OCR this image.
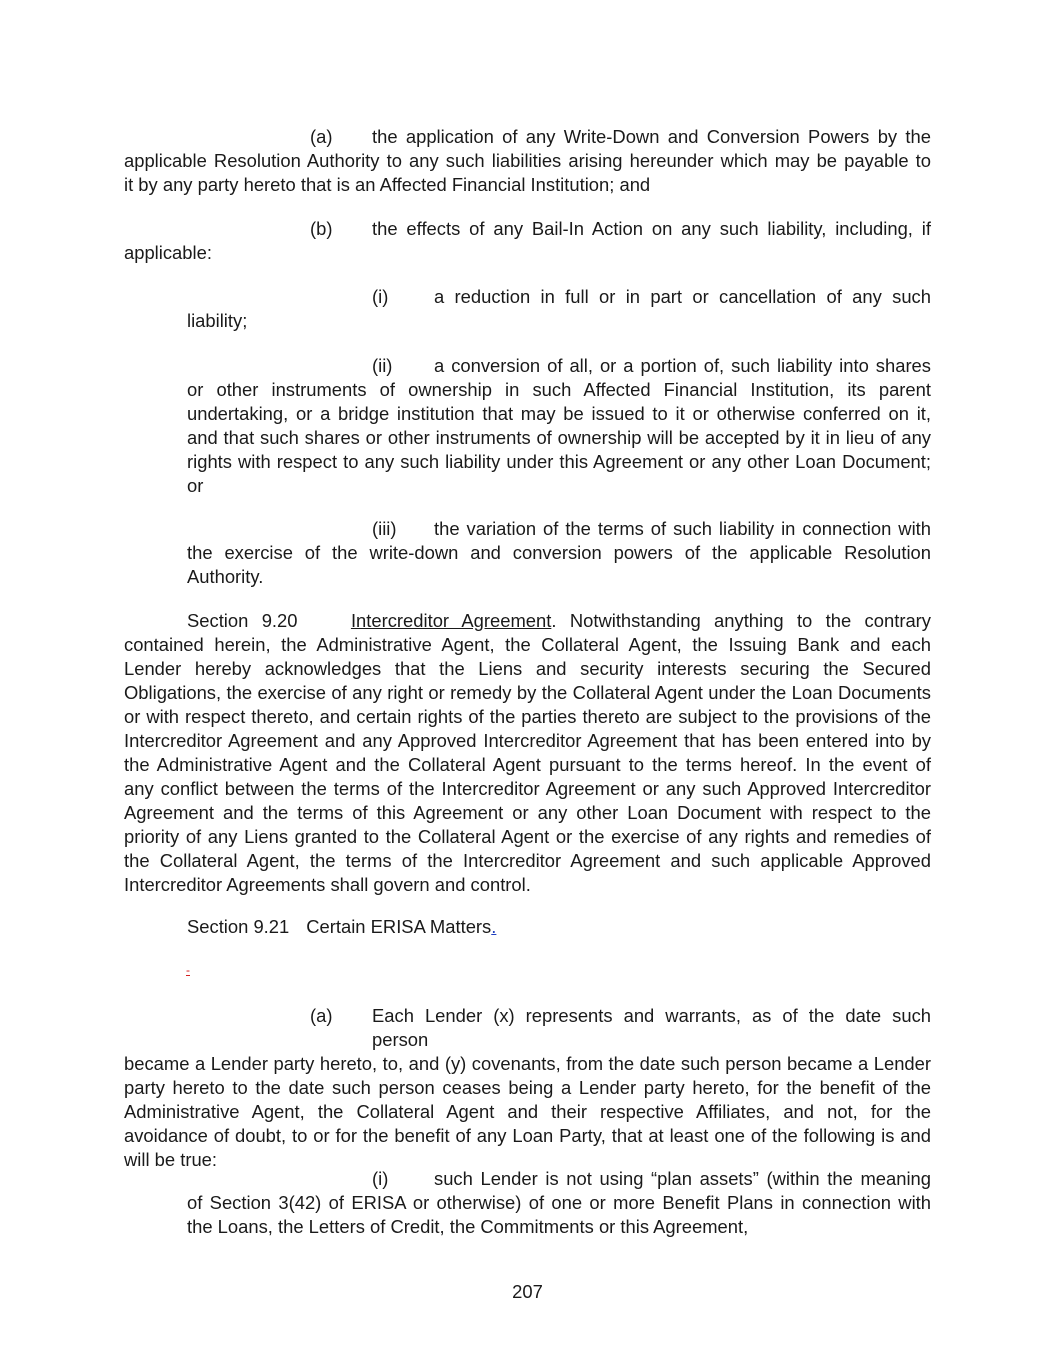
(a) the application of any Write-Down and Conversion Powers by the
applicable Resolution Authority to any such liabilities arising hereunder which may be payable to
it by any party hereto that is an Affected Financial Institution; and
(b) the effects of any Bail-In Action on any such liability, including, if
applicable:
(i) a reduction in full or in part or cancellation of any such
liability;
(ii) a conversion of all, or a portion of, such liability into shares
or other instruments of ownership in such Affected Financial Institution, its parent
undertaking, or a bridge institution that may be issued to it or otherwise conferred on it,
and that such shares or other instruments of ownership will be accepted by it in lieu of any
rights with respect to any such liability under this Agreement or any other Loan Document;
or
(iii) the variation of the terms of such liability in connection with
the exercise of the write-down and conversion powers of the applicable Resolution
Authority.
Section 9.20	Intercreditor Agreement. Notwithstanding anything to the contrary
contained herein, the Administrative Agent, the Collateral Agent, the Issuing Bank and each
Lender hereby acknowledges that the Liens and security interests securing the Secured
Obligations, the exercise of any right or remedy by the Collateral Agent under the Loan Documents
or with respect thereto, and certain rights of the parties thereto are subject to the provisions of the
Intercreditor Agreement and any Approved Intercreditor Agreement that has been entered into by
the Administrative Agent and the Collateral Agent pursuant to the terms hereof. In the event of
any conflict between the terms of the Intercreditor Agreement or any such Approved Intercreditor
Agreement and the terms of this Agreement or any other Loan Document with respect to the
priority of any Liens granted to the Collateral Agent or the exercise of any rights and remedies of
the Collateral Agent, the terms of the Intercreditor Agreement and such applicable Approved
Intercreditor Agreements shall govern and control.
Section 9.21 Certain ERISA Matters.
-
(a) Each Lender (x) represents and warrants, as of the date such person
became a Lender party hereto, to, and (y) covenants, from the date such person became a Lender
party hereto to the date such person ceases being a Lender party hereto, for the benefit of the
Administrative Agent, the Collateral Agent and their respective Affiliates, and not, for the
avoidance of doubt, to or for the benefit of any Loan Party, that at least one of the following is and
will be true:
(i) such Lender is not using “plan assets” (within the meaning
of Section 3(42) of ERISA or otherwise) of one or more Benefit Plans in connection with
the Loans, the Letters of Credit, the Commitments or this Agreement,
207
